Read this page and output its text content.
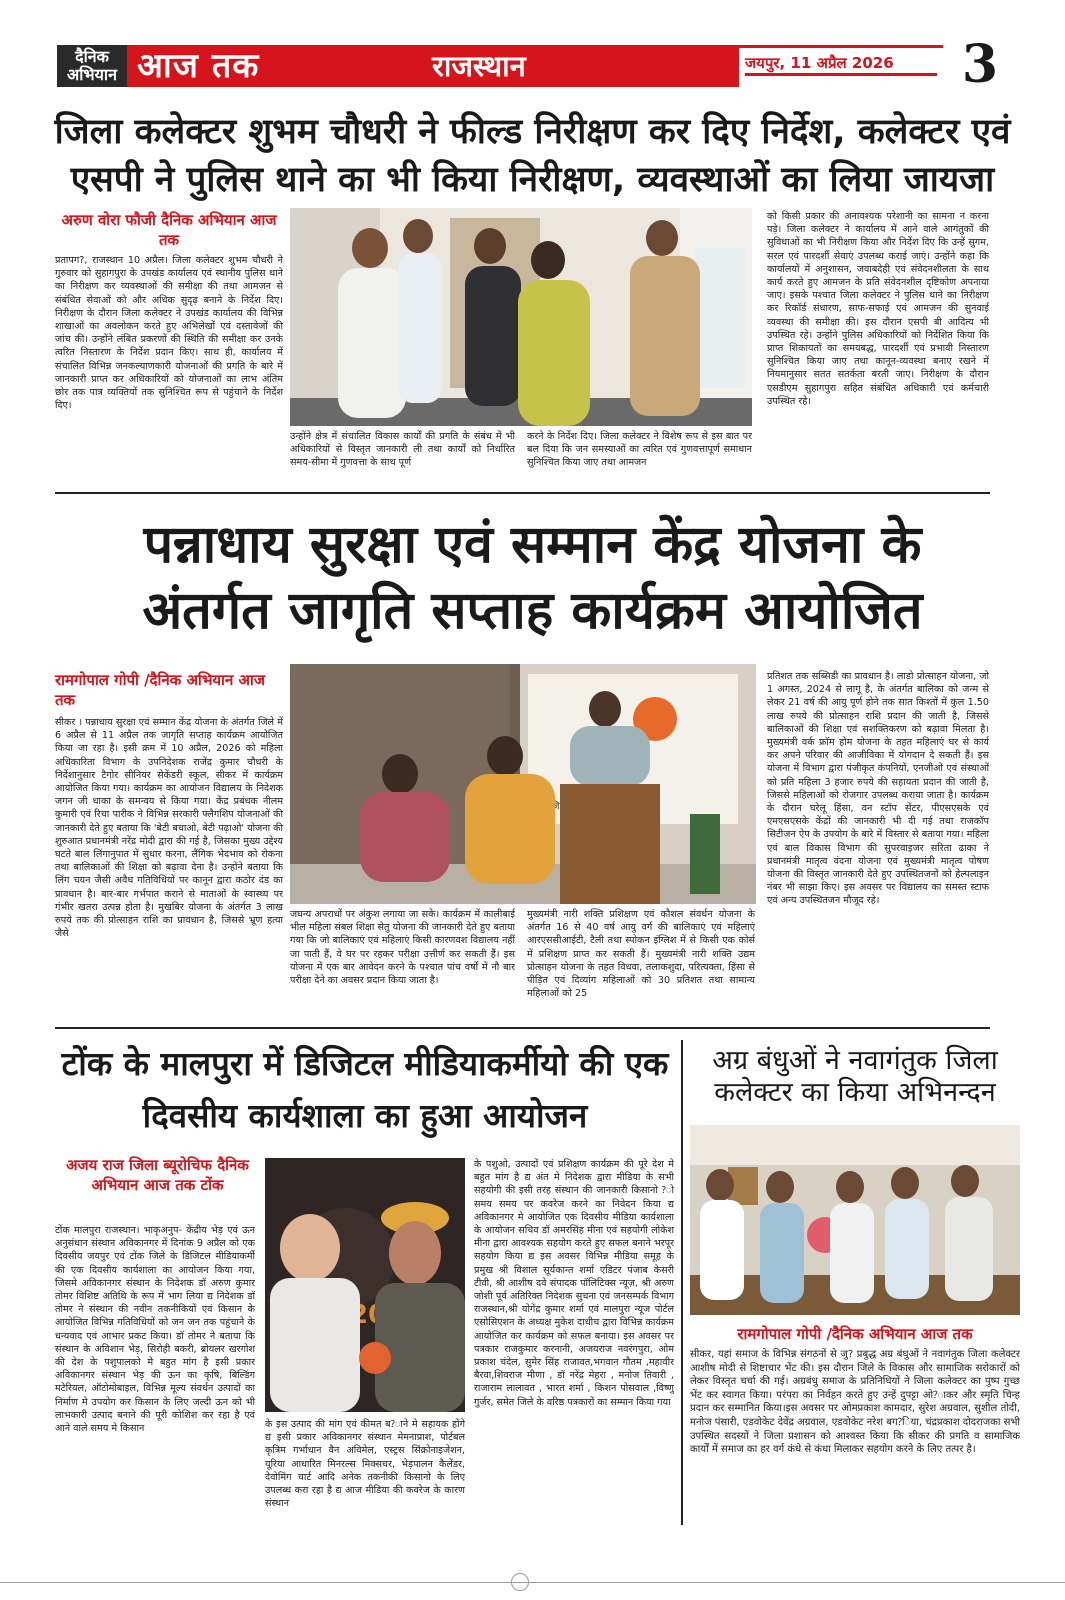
दैनिक अभियान आज तक	राजस्थान	जयपुर, 11 अप्रैल 2026 3
जिला कलेक्टर शुभम चौधरी ने फील्ड निरीक्षण कर दिए निर्देश, कलेक्टर एवं एसपी ने पुलिस थाने का भी किया निरीक्षण, व्यवस्थाओं का लिया जायजा
अरुण वोरा फौजी दैनिक अभियान आज तक
प्रतापग?, राजस्थान 10 अप्रैल। जिला कलेक्टर शुभम चौधरी ने गुरुवार को सुहागपुरा के उपखंड कार्यालय एवं स्थानीय पुलिस थाने का निरीक्षण कर व्यवस्थाओं की समीक्षा की तथा आमजन से संबंधित सेवाओं को और अधिक सुदृढ़ बनाने के निर्देश दिए। निरीक्षण के दौरान जिला कलेक्टर ने उपखंड कार्यालय की विभिन्न शाखाओं का अवलोकन करते हुए अभिलेखों एवं दस्तावेजों की जांच की। उन्होंने लंबित प्रकरणों की स्थिति की समीक्षा कर उनके त्वरित निस्तारण के निर्देश प्रदान किए। साथ ही, कार्यालय में संचालित विभिन्न जनकल्याणकारी योजनाओं की प्रगति के बारे में जानकारी प्राप्त कर अधिकारियों को योजनाओं का लाभ अंतिम छोर तक पात्र व्यक्तियों तक सुनिश्चित रूप से पहुंचाने के निर्देश दिए।
उन्होंने क्षेत्र में संचालित विकास कार्यों की प्रगति के संबंध में भी अधिकारियों से विस्तृत जानकारी ली तथा कार्यों को निर्धारित समय-सीमा में गुणवत्ता के साथ पूर्ण
करने के निर्देश दिए। जिला कलेक्टर ने विशेष रूप से इस बात पर बल दिया कि जन समस्याओं का त्वरित एवं गुणवत्तापूर्ण समाधान सुनिश्चित किया जाए तथा आमजन
को किसी प्रकार की अनावश्यक परेशानी का सामना न करना पड़े। जिला कलेक्टर ने कार्यालय में आने वाले आगंतुकों की सुविधाओं का भी निरीक्षण किया और निर्देश दिए कि उन्हें सुगम, सरल एवं पारदर्शी सेवाएं उपलब्ध कराई जाएं। उन्होंने कहा कि कार्यालयों में अनुशासन, जवाबदेही एवं संवेदनशीलता के साथ कार्य करते हुए आमजन के प्रति संवेदनशील दृष्टिकोण अपनाया जाए। इसके पश्चात जिला कलेक्टर ने पुलिस थाने का निरीक्षण कर रिकॉर्ड संधारण, साफ-सफाई एवं आमजन की सुनवाई व्यवस्था की समीक्षा की। इस दौरान एसपी बी आदित्य भी उपस्थित रहे। उन्होंने पुलिस अधिकारियों को निर्देशित किया कि प्राप्त शिकायतों का समयबद्ध, पारदर्शी एवं प्रभावी निस्तारण सुनिश्चित किया जाए तथा कानून-व्यवस्था बनाए रखने में नियमानुसार सतत सतर्कता बरती जाए। निरीक्षण के दौरान एसडीएम सुहागपुरा सहित संबंधित अधिकारी एवं कर्मचारी उपस्थित रहे।
पन्नाधाय सुरक्षा एवं सम्मान केंद्र योजना के
अंतर्गत जागृति सप्ताह कार्यक्रम आयोजित
रामगोपाल गोपी /दैनिक अभियान आज तक
सीकर । पन्नाधाय सुरक्षा एवं सम्मान केंद्र योजना के अंतर्गत जिले में 6 अप्रैल से 11 अप्रैल तक जागृति सप्ताह कार्यक्रम आयोजित किया जा रहा है। इसी क्रम में 10 अप्रैल, 2026 को महिला अधिकारिता विभाग के उपनिदेशक राजेंद्र कुमार चौधरी के निर्देशानुसार टैगोर सीनियर सेकेंडरी स्कूल, सीकर में कार्यक्रम आयोजित किया गया। कार्यक्रम का आयोजन विद्यालय के निदेशक जगन जी धाका के समन्वय से किया गया। केंद्र प्रबंधक नीलम कुमारी एवं रिचा पारीक ने विभिन्न सरकारी फ्लैगशिप योजनाओं की जानकारी देते हुए बताया कि 'बेटी बचाओ, बेटी पढ़ाओ' योजना की शुरुआत प्रधानमंत्री नरेंद्र मोदी द्वारा की गई है, जिसका मुख्य उद्देश्य घटते बाल लिंगानुपात में सुधार करना, लैंगिक भेदभाव को रोकना तथा बालिकाओं की शिक्षा को बढ़ावा देना है। उन्होंने बताया कि लिंग चयन जैसी अवैध गतिविधियों पर कानून द्वारा कठोर दंड का प्रावधान है। बार-बार गर्भपात कराने से माताओं के स्वास्थ्य पर गंभीर खतरा उत्पन्न होता है। मुखबिर योजना के अंतर्गत 3 लाख रुपये तक की प्रोत्साहन राशि का प्रावधान है, जिससे भ्रूण हत्या जैसे
जिला
जघन्य अपराधों पर अंकुश लगाया जा सके। कार्यक्रम में कालीबाई भील महिला संबल शिक्षा सेतु योजना की जानकारी देते हुए बताया गया कि जो बालिकाएं एवं महिलाएं किसी कारणवश विद्यालय नहीं जा पाती हैं, वे घर पर रहकर परीक्षा उत्तीर्ण कर सकती हैं। इस योजना में एक बार आवेदन करने के पश्चात पांच वर्षों में नौ बार परीक्षा देने का अवसर प्रदान किया जाता है।
मुख्यमंत्री नारी शक्ति प्रशिक्षण एवं कौशल संवर्धन योजना के अंतर्गत 16 से 40 वर्ष आयु वर्ग की बालिकाएं एवं महिलाएं आरएससीआईटी, टैली तथा स्पोकन इंग्लिश में से किसी एक कोर्स में प्रशिक्षण प्राप्त कर सकती हैं। मुख्यमंत्री नारी शक्ति उद्यम प्रोत्साहन योजना के तहत विधवा, तलाकशुदा, परित्यक्ता, हिंसा से पीड़ित एवं दिव्यांग महिलाओं को 30 प्रतिशत तथा सामान्य महिलाओं को 25
प्रतिशत तक सब्सिडी का प्रावधान है। लाडो प्रोत्साहन योजना, जो 1 अगस्त, 2024 से लागू है, के अंतर्गत बालिका को जन्म से लेकर 21 वर्ष की आयु पूर्ण होने तक सात किश्तों में कुल 1.50 लाख रुपये की प्रोत्साहन राशि प्रदान की जाती है, जिससे बालिकाओं की शिक्षा एवं सशक्तिकरण को बढ़ावा मिलता है। मुख्यमंत्री वर्क फ्रॉम होम योजना के तहत महिलाएं घर से कार्य कर अपने परिवार की आजीविका में योगदान दे सकती हैं। इस योजना में विभाग द्वारा पंजीकृत कंपनियों, एनजीओ एवं संस्थाओं को प्रति महिला 3 हजार रुपये की सहायता प्रदान की जाती है, जिससे महिलाओं को रोजगार उपलब्ध कराया जाता है। कार्यक्रम के दौरान घरेलू हिंसा, वन स्टॉप सेंटर, पीएसएसके एवं एमएसएसके केंद्रों की जानकारी भी दी गई तथा राजकॉप सिटीजन ऐप के उपयोग के बारे में विस्तार से बताया गया। महिला एवं बाल विकास विभाग की सुपरवाइजर सरिता ढाका ने प्रधानमंत्री मातृत्व वंदना योजना एवं मुख्यमंत्री मातृत्व पोषण योजना की विस्तृत जानकारी देते हुए उपस्थितजनों को हेल्पलाइन नंबर भी साझा किए। इस अवसर पर विद्यालय का समस्त स्टाफ एवं अन्य उपस्थितजन मौजूद रहे।
टोंक के मालपुरा में डिजिटल मीडियाकर्मीयो की एक दिवसीय कार्यशाला का हुआ आयोजन
अजय राज जिला ब्यूरोचिफ दैनिक अभियान आज तक टोंक
टोंक मालपुरा राजस्थान। भाकृअनुप- केंद्रीय भेड़ एवं ऊन अनुसंधान संस्थान अविकानगर में दिनांक 9 अप्रैल को एक दिवसीय जयपुर एवं टोंक जिले के डिजिटल मीडियाकर्मी की एक दिवसीय कार्यशाला का आयोजन किया गया, जिसमे अविकानगर संस्थान के निदेशक डॉ अरुण कुमार तोमर विशिष्ट अतिथि के रूप में भाग लिया द्य निदेशक डॉ तोमर ने संस्थान की नवीन तकनीकियों एवं किसान के आयोजित विभिन्न गतिविधियों को जन जन तक पहुंचाने के धन्यवाद एवं आभार प्रकट किया। डॉ तोमर ने बताया कि संस्थान के अविशान भेड़, सिरोही बकरी, ब्रोयलर खरगोश की देश के पशुपालको मे बहुत मांग है इसी प्रकार अविकानगर संस्थान भेड़ की ऊन का कृषि, बिल्डिंग मटेरियल, ऑटोमोबाइल, विभिन्न मूल्य संवर्धन उत्पादों का निर्माण मे उपयोग कर किसान के लिए जल्दी ऊन को भी लाभकारी उत्पाद बनाने की पूरी कोशिश कर रहा है एवं आने वाले समय मे किसान	के इस उत्पाद की मांग एवं कीमत ब?ाने मे सहायक होंगे द्य इसी प्रकार अविकानगर संस्थान मेमनाप्राश, पोर्टबल कृत्रिम गर्भाधान वैन अविमेल, एस्ट्रस सिंक्रोनाइजेशन, यूरिया आधारित मिनरल्स मिक्सचर, भेड़पालन कैलेंडर, देवोमिंग चार्ट आदि अनेक तकनीकी किसानो के लिए उपलब्ध करा रहा है द्य आज मीडिया की कवरेज के कारण संस्थान
के पशुओ, उत्पादों एवं प्रशिक्षण कार्यक्रम की पूरे देश मे बहुत मांग है द्य अंत मे निदेशक द्वारा मीडिया के सभी सहयोगी की इसी तरह संस्थान की जानकारी किसानो ?ो समय समय पर कवरेज करने का निवेदन किया द्य अविकानगर मे आयोजित एक दिवसीय मीडिया कार्यशाला के आयोजन सचिव डॉ अमरसिंह मीना एवं सहयोगी लोकेश मीना द्वारा आवश्यक सहयोग करते हुए सफल बनाने भरपूर सहयोग किया द्य इस अवसर विभिन्न मीडिया समूह के प्रमुख श्री विशाल सूर्यकान्त शर्मा एडिटर पंजाब केसरी टीवी, श्री आशीष दवे संपादक पॉलिटिक्स न्यूज़, श्री अरुण जोशी पूर्व अतिरिक्त निदेशक सुचना एवं जनसम्पर्क विभाग राजस्थान,श्री योगेंद्र कुमार शर्मा एवं मालपुरा न्यूज पोर्टल एसोसिएशन के अध्यक्ष मुकेश दाधीच द्वारा विभिन्न कार्यक्रम आयोजित कर कार्यक्रम को सफल बनाया। इस अवसर पर पत्रकार राजकुमार करनानी, अजयराज नवरंगपुरा, ओम प्रकाश चंदेल, सुमेर सिंह राजावत,भगवान गौतम ,महावीर बैरवा,शिवराज मीणा , डॉ नरेंद्र मेहरा , मनोज तिवारी , राजाराम लालावत , भारत शर्मा , किशन पोसवाल ,विष्णु गुर्जर, समेत जिले के वरिष्ठ पत्रकारों का सम्मान किया गया
अग्र बंधुओं ने नवागंतुक जिला कलेक्टर का किया अभिनन्दन
रामगोपाल गोपी /दैनिक अभियान आज तक
सीकर, यहां समाज के विभिन्न संगठनों से जु? प्रबुद्ध अग्र बंधुओं ने नवागंतुक जिला कलेक्टर आशीष मोदी से शिष्टाचार भेंट की। इस दौरान जिले के विकास और सामाजिक सरोकारों को लेकर विस्तृत चर्चा की गई। अग्रबंधु समाज के प्रतिनिधियों ने जिला कलेक्टर का पुष्प गुच्छ भेंट कर स्वागत किया। परंपरा का निर्वहन करते हुए उन्हें दुपट्टा ओ?ाकर और स्मृति चिन्ह प्रदान कर सम्मानित किया।इस अवसर पर ओमप्रकाश कामदार, सुरेश अग्रवाल, सुशील तोदी, मनोज पंसारी, एडवोकेट देवेंद्र अग्रवाल, एडवोकेट नरेश बग?िया, चंद्रप्रकाश दोदराजका सभी उपस्थित सदस्यों ने जिला प्रशासन को आश्वस्त किया कि सीकर की प्रगति व सामाजिक कार्यों में समाज का हर वर्ग कंधे से कंधा मिलाकर सहयोग करने के लिए तत्पर है।
